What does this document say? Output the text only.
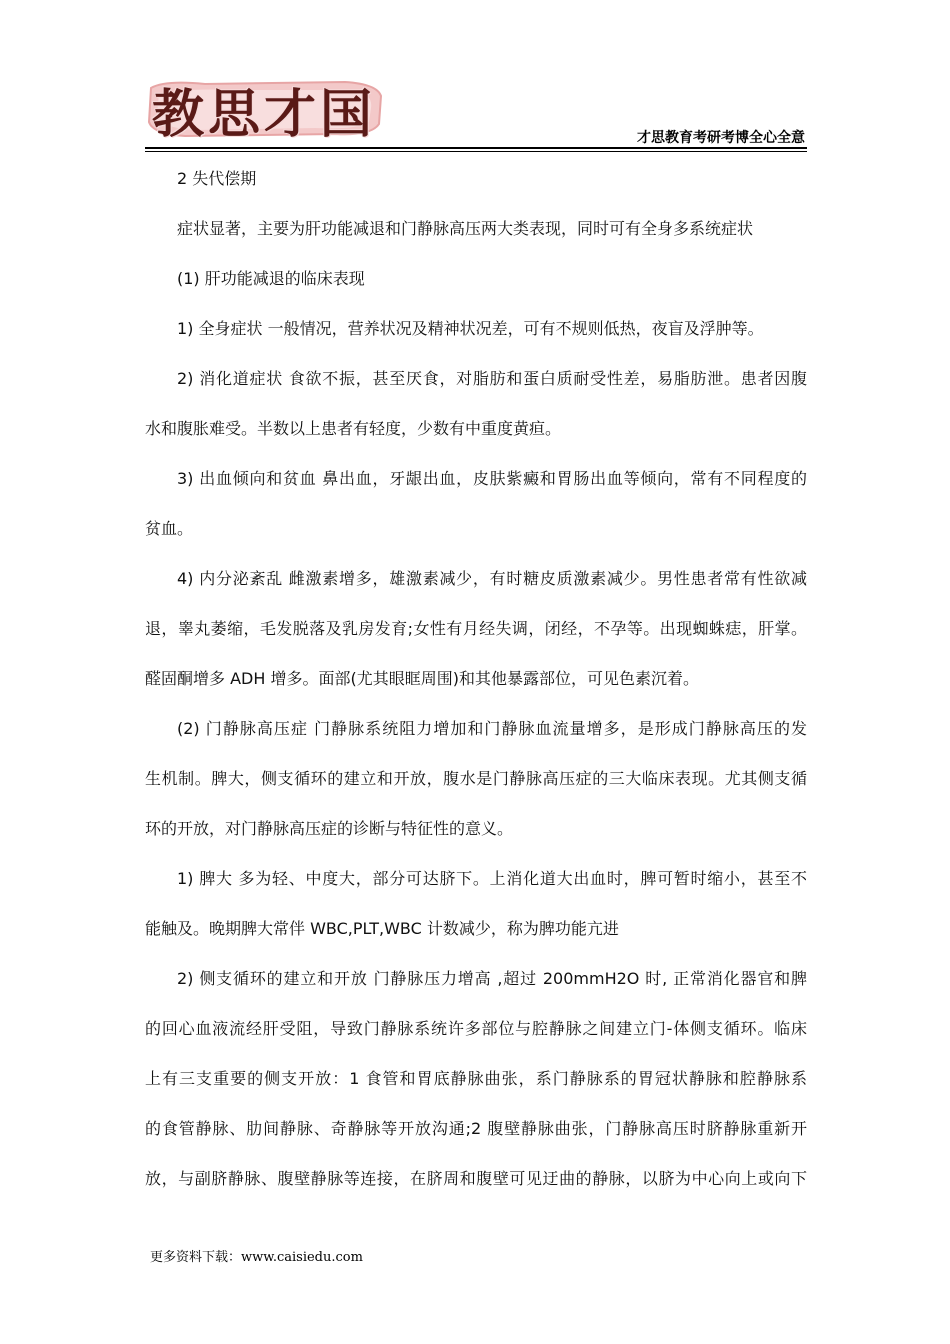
教思才国	才思教育考研考博全心全意
2 失代偿期
症状显著，主要为肝功能减退和门静脉高压两大类表现，同时可有全身多系统症状
(1) 肝功能减退的临床表现
1) 全身症状 一般情况，营养状况及精神状况差，可有不规则低热，夜盲及浮肿等。
2) 消化道症状 食欲不振，甚至厌食，对脂肪和蛋白质耐受性差，易脂肪泄。患者因腹
水和腹胀难受。半数以上患者有轻度，少数有中重度黄疸。
3) 出血倾向和贫血 鼻出血，牙龈出血，皮肤紫癜和胃肠出血等倾向，常有不同程度的
贫血。
4) 内分泌紊乱 雌激素增多，雄激素减少，有时糖皮质激素减少。男性患者常有性欲减
退，睾丸萎缩，毛发脱落及乳房发育;女性有月经失调，闭经，不孕等。出现蜘蛛痣，肝掌。
醛固酮增多 ADH 增多。面部(尤其眼眶周围)和其他暴露部位，可见色素沉着。
(2) 门静脉高压症 门静脉系统阻力增加和门静脉血流量增多，是形成门静脉高压的发
生机制。脾大，侧支循环的建立和开放，腹水是门静脉高压症的三大临床表现。尤其侧支循
环的开放，对门静脉高压症的诊断与特征性的意义。
1) 脾大 多为轻、中度大，部分可达脐下。上消化道大出血时，脾可暂时缩小，甚至不
能触及。晚期脾大常伴 WBC,PLT,WBC 计数减少，称为脾功能亢进
2) 侧支循环的建立和开放 门静脉压力增高 ,超过 200mmH2O 时, 正常消化器官和脾
的回心血液流经肝受阻，导致门静脉系统许多部位与腔静脉之间建立门-体侧支循环。临床
上有三支重要的侧支开放：1 食管和胃底静脉曲张，系门静脉系的胃冠状静脉和腔静脉系
的食管静脉、肋间静脉、奇静脉等开放沟通;2 腹壁静脉曲张，门静脉高压时脐静脉重新开
放，与副脐静脉、腹壁静脉等连接，在脐周和腹壁可见迂曲的静脉，以脐为中心向上或向下
更多资料下载：www.caisiedu.com
